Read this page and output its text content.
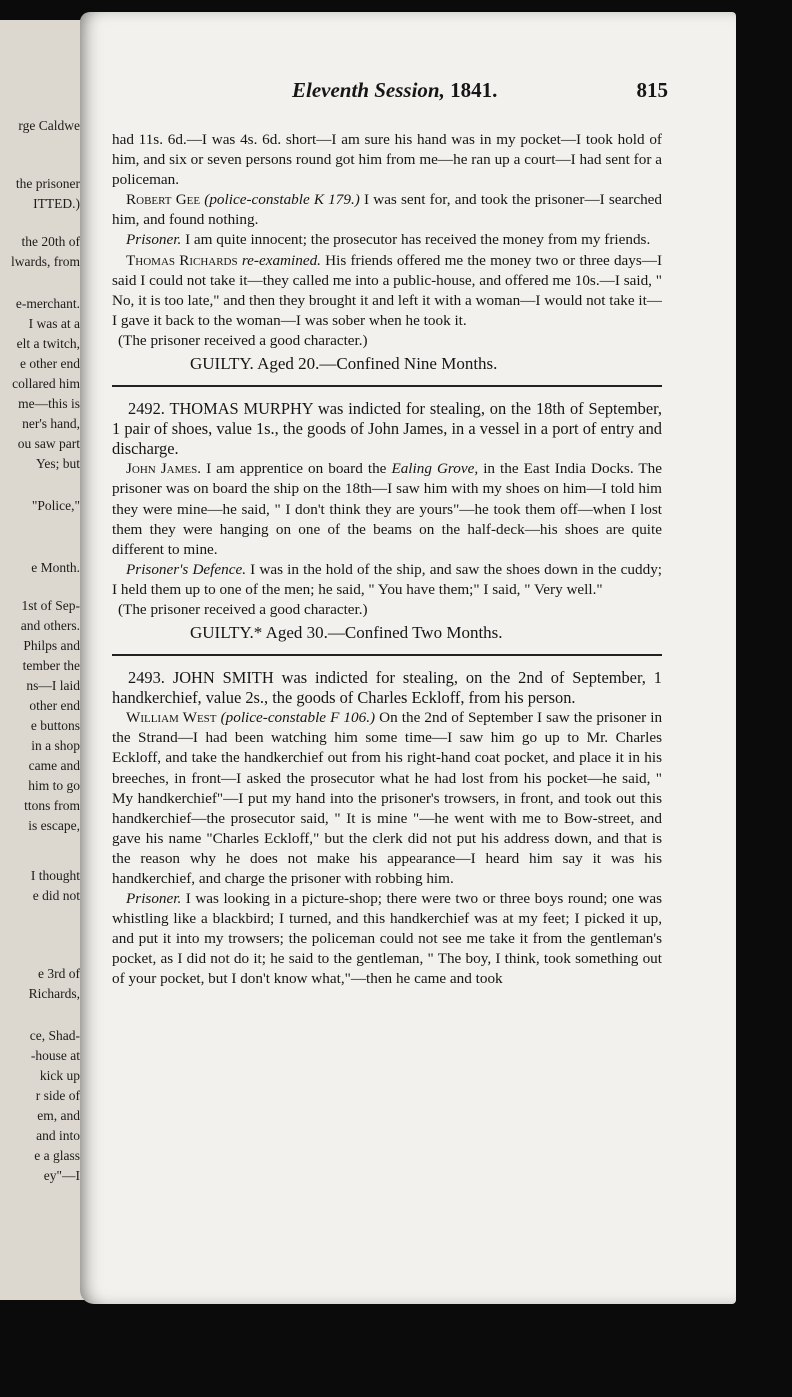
rge Caldwe
the prisoner
ITTED.)
the 20th of
lwards, from
e-merchant.
I was at a
elt a twitch,
e other end
collared him
me—this is
ner's hand,
ou saw part
Yes; but
"Police,"
e Month.
1st of Sep-
and others.
Philps and
tember the
ns—I laid
other end
e buttons
in a shop
came and
him to go
ttons from
is escape,
I thought
e did not
e 3rd of
Richards,
ce, Shad-
-house at
kick up
r side of
em, and
and into
e a glass
ey"—I
Eleventh Session, 1841.	815

had 11s. 6d.—I was 4s. 6d. short—I am sure his hand was in my pocket—I took hold of him, and six or seven persons round got him from me—he ran up a court—I had sent for a policeman.

Robert Gee (police-constable K 179.) I was sent for, and took the prisoner—I searched him, and found nothing.

Prisoner. I am quite innocent; the prosecutor has received the money from my friends.

Thomas Richards re-examined. His friends offered me the money two or three days—I said I could not take it—they called me into a public-house, and offered me 10s.—I said, " No, it is too late," and then they brought it and left it with a woman—I would not take it—I gave it back to the woman—I was sober when he took it.

(The prisoner received a good character.)

GUILTY. Aged 20.—Confined Nine Months.

2492. THOMAS MURPHY was indicted for stealing, on the 18th of September, 1 pair of shoes, value 1s., the goods of John James, in a vessel in a port of entry and discharge.

John James. I am apprentice on board the Ealing Grove, in the East India Docks. The prisoner was on board the ship on the 18th—I saw him with my shoes on him—I told him they were mine—he said, " I don't think they are yours"—he took them off—when I lost them they were hanging on one of the beams on the half-deck—his shoes are quite different to mine.

Prisoner's Defence. I was in the hold of the ship, and saw the shoes down in the cuddy; I held them up to one of the men; he said, " You have them;" I said, " Very well."

(The prisoner received a good character.)

GUILTY.* Aged 30.—Confined Two Months.

2493. JOHN SMITH was indicted for stealing, on the 2nd of September, 1 handkerchief, value 2s., the goods of Charles Eckloff, from his person.

William West (police-constable F 106.) On the 2nd of September I saw the prisoner in the Strand—I had been watching him some time—I saw him go up to Mr. Charles Eckloff, and take the handkerchief out from his right-hand coat pocket, and place it in his breeches, in front—I asked the prosecutor what he had lost from his pocket—he said, " My handkerchief"—I put my hand into the prisoner's trowsers, in front, and took out this handkerchief—the prosecutor said, " It is mine "—he went with me to Bow-street, and gave his name "Charles Eckloff," but the clerk did not put his address down, and that is the reason why he does not make his appearance—I heard him say it was his handkerchief, and charge the prisoner with robbing him.

Prisoner. I was looking in a picture-shop; there were two or three boys round; one was whistling like a blackbird; I turned, and this handkerchief was at my feet; I picked it up, and put it into my trowsers; the policeman could not see me take it from the gentleman's pocket, as I did not do it; he said to the gentleman, " The boy, I think, took something out of your pocket, but I don't know what,"—then he came and took
